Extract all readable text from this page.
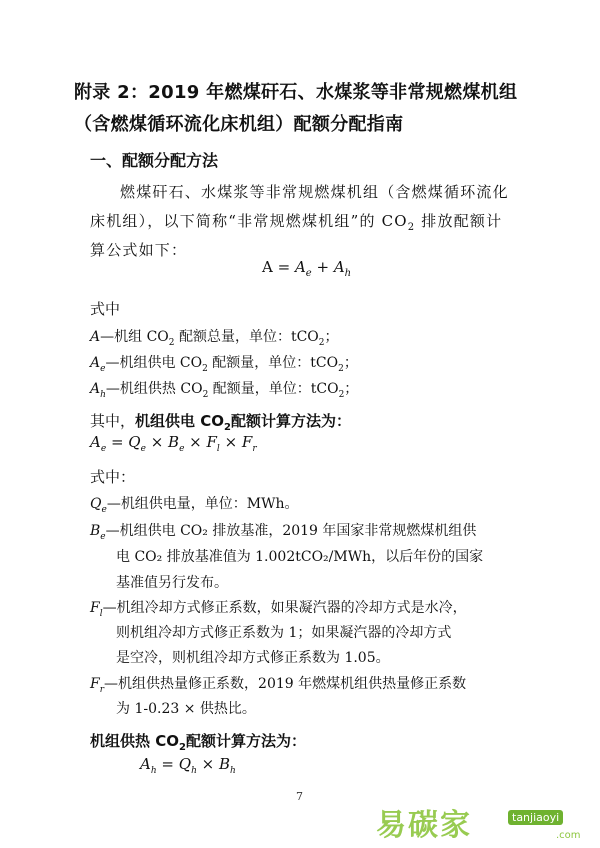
附录 2：2019 年燃煤矸石、水煤浆等非常规燃煤机组
（含燃煤循环流化床机组）配额分配指南
一、配额分配方法
燃煤矸石、水煤浆等非常规燃煤机组（含燃煤循环流化
床机组），以下简称“非常规燃煤机组”的 $CO_2$ 排放配额计
算公式如下：
$A = A_e + A_h$
式中
A—机组 $CO_2$ 配额总量，单位：tCO$_2$；
$A_e—$机组供电 $CO_2$ 配额量，单位：tCO$_2$；
$A_h—$机组供热 $CO_2$ 配额量，单位：tCO$_2$；
其中，机组供电 $CO_2$配额计算方法为：
$A_e = Q_e \times B_e \times F_l \times F_r$
式中：
$Q_e—$机组供电量，单位：MWh。
$B_e—$机组供电 CO₂ 排放基准，2019 年国家非常规燃煤机组供
电 CO₂ 排放基准值为 1.002tCO₂/MWh，以后年份的国家
基准值另行发布。
$F_l—$机组冷却方式修正系数，如果凝汽器的冷却方式是水冷，
则机组冷却方式修正系数为 1；如果凝汽器的冷却方式
是空冷，则机组冷却方式修正系数为 1.05。
$F_r—$机组供热量修正系数，2019 年燃煤机组供热量修正系数
为 1-0.23 × 供热比。
机组供热 $CO_2$配额计算方法为：
$A_h = Q_h \times B_h$
7
易碳家	tanjiaoyi
.com
